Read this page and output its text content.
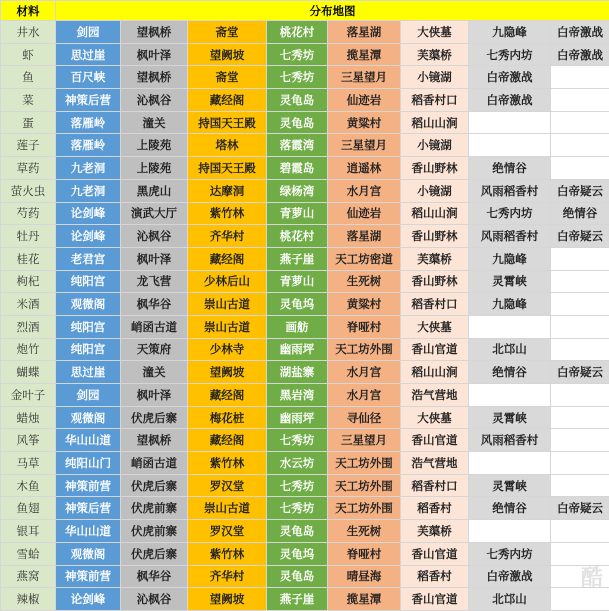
材料	分布地图							
井水	剑园	望枫桥	斋堂	桃花村	落星湖	大侠墓	九隐峰	白帝激战
虾	思过崖	枫叶泽	望阙坡	七秀坊	揽星潭	芙蕖桥	七秀内坊	白帝激战
鱼	百尺峡	望枫桥	斋堂	七秀坊	三星望月	小镜湖	白帝激战	
菜	神策后营	沁枫谷	藏经阁	灵龟岛	仙迹岩	稻香村口	白帝激战	
蛋	落雁岭	潼关	持国天王殿	灵龟岛	黄粱村	稻山山涧		
莲子	落雁岭	上陵苑	塔林	落霞湾	三星望月	小镜湖		
草药	九老洞	上陵苑	持国天王殿	碧霞岛	逍遥林	香山野林	绝情谷	
萤火虫	九老洞	黑虎山	达摩洞	绿杨湾	水月宫	小镜湖	风雨稻香村	白帝疑云
芍药	论剑峰	演武大厅	紫竹林	青萝山	仙迹岩	稻山山涧	七秀内坊	绝情谷
牡丹	论剑峰	沁枫谷	齐华村	桃花村	落星湖	香山野林	风雨稻香村	白帝疑云
桂花	老君宫	枫叶泽	藏经阁	燕子崖	天工坊密道	芙蕖桥	九隐峰	
枸杞	纯阳宫	龙飞营	少林后山	青萝山	生死树	香山野林	灵霄峡	
米酒	观微阁	枫华谷	崇山古道	灵龟坞	黄粱村	稻香村口	九隐峰	
烈酒	纯阳宫	峭函古道	崇山古道	画舫	脊哑村	大侠墓		
炮竹	纯阳宫	天策府	少林寺	幽雨坪	天工坊外围	香山官道	北邙山	
蝴蝶	思过崖	潼关	望阙坡	湖盐寨	水月宫	稻山山涧	绝情谷	白帝疑云
金叶子	剑园	枫叶泽	藏经阁	黑岩湾	水月宫	浩气营地		
蜡烛	观微阁	伏虎后寨	梅花桩	幽雨坪	寻仙径	大侠墓	灵霄峡	
风筝	华山山道	望枫桥	藏经阁	七秀坊	三星望月	香山官道	风雨稻香村	
马草	纯阳山门	峭函古道	紫竹林	水云坊	天工坊外围	浩气营地		
木鱼	神策前营	伏虎后寨	罗汉堂	七秀坊	天工坊外围	稻香村口	灵霄峡	
鱼翅	神策后营	伏虎前寨	崇山古道	七秀坊	天工坊外围	稻香村	绝情谷	白帝疑云
银耳	华山山道	伏虎前寨	罗汉堂	灵龟岛	生死树	芙蕖桥		
雪蛤	观微阁	伏虎后寨	紫竹林	灵龟坞	脊哑村	香山官道	七秀内坊	
燕窝	神策前营	枫华谷	齐华村	灵龟岛	晴昼海	稻香村	白帝激战	
辣椒	论剑峰	沁枫谷	望阙坡	燕子崖	揽星潭	香山官道	北邙山	酷
